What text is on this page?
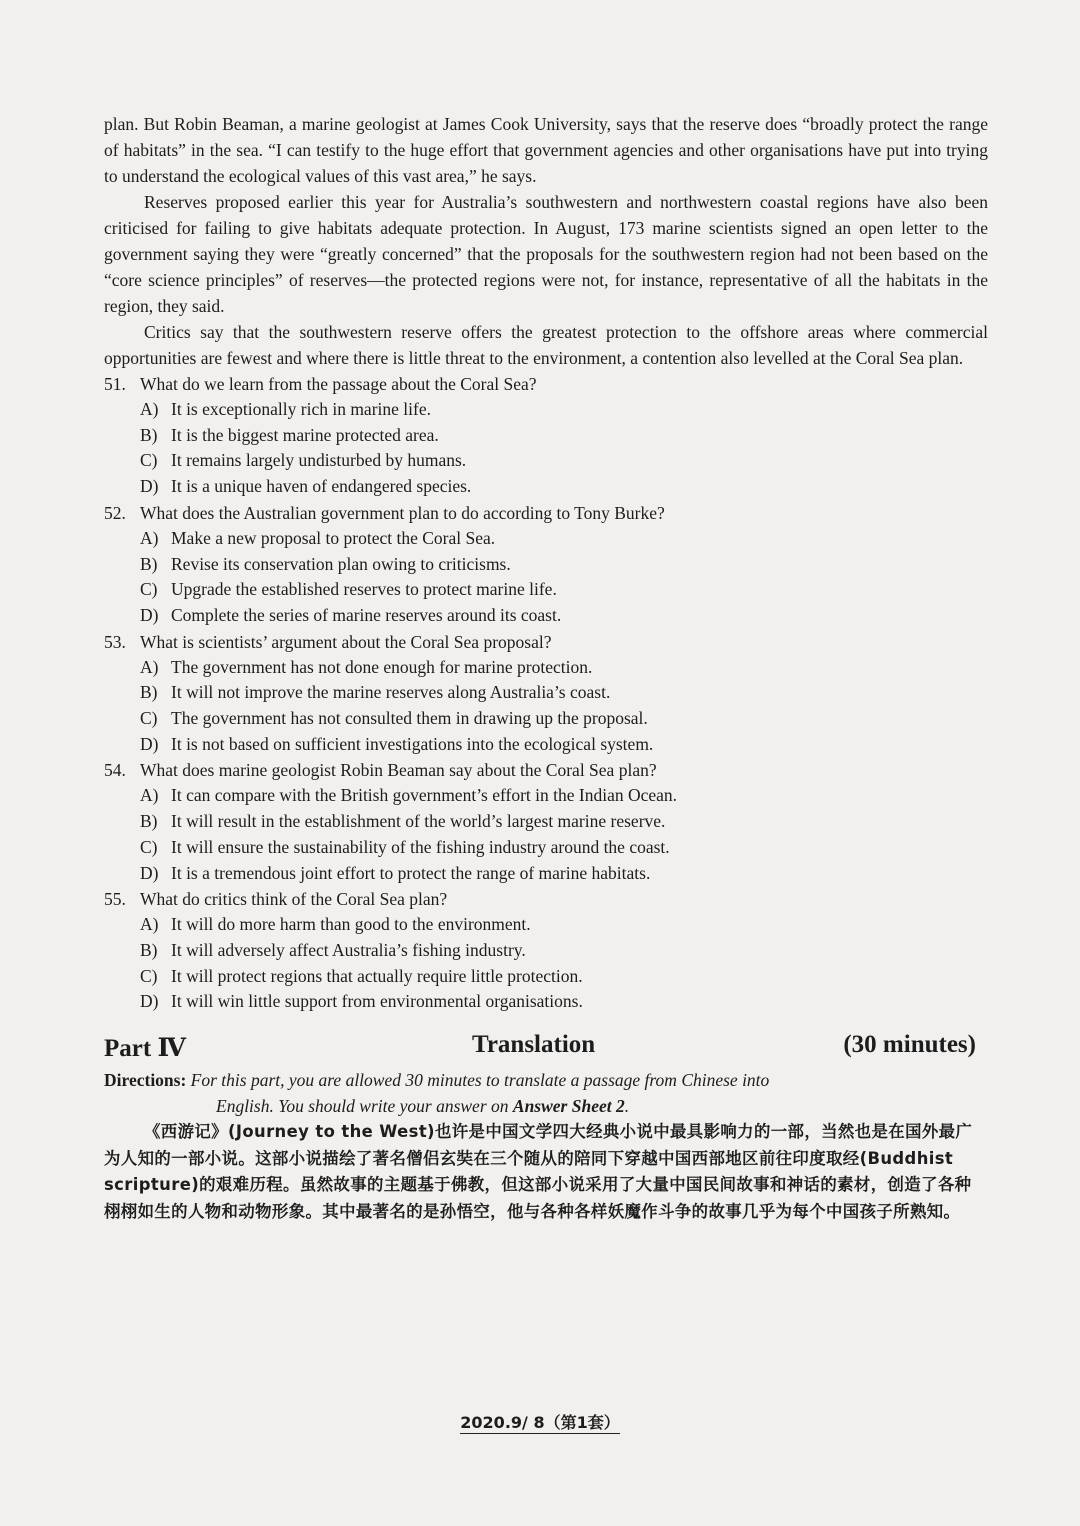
plan. But Robin Beaman, a marine geologist at James Cook University, says that the reserve does “broadly protect the range of habitats” in the sea. “I can testify to the huge effort that government agencies and other organisations have put into trying to understand the ecological values of this vast area,” he says.

Reserves proposed earlier this year for Australia’s southwestern and northwestern coastal regions have also been criticised for failing to give habitats adequate protection. In August, 173 marine scientists signed an open letter to the government saying they were “greatly concerned” that the proposals for the southwestern region had not been based on the “core science principles” of reserves—the protected regions were not, for instance, representative of all the habitats in the region, they said.

Critics say that the southwestern reserve offers the greatest protection to the offshore areas where commercial opportunities are fewest and where there is little threat to the environment, a contention also levelled at the Coral Sea plan.

51. What do we learn from the passage about the Coral Sea?
A) It is exceptionally rich in marine life.
B) It is the biggest marine protected area.
C) It remains largely undisturbed by humans.
D) It is a unique haven of endangered species.
52. What does the Australian government plan to do according to Tony Burke?
A) Make a new proposal to protect the Coral Sea.
B) Revise its conservation plan owing to criticisms.
C) Upgrade the established reserves to protect marine life.
D) Complete the series of marine reserves around its coast.
53. What is scientists’ argument about the Coral Sea proposal?
A) The government has not done enough for marine protection.
B) It will not improve the marine reserves along Australia’s coast.
C) The government has not consulted them in drawing up the proposal.
D) It is not based on sufficient investigations into the ecological system.
54. What does marine geologist Robin Beaman say about the Coral Sea plan?
A) It can compare with the British government’s effort in the Indian Ocean.
B) It will result in the establishment of the world’s largest marine reserve.
C) It will ensure the sustainability of the fishing industry around the coast.
D) It is a tremendous joint effort to protect the range of marine habitats.
55. What do critics think of the Coral Sea plan?
A) It will do more harm than good to the environment.
B) It will adversely affect Australia’s fishing industry.
C) It will protect regions that actually require little protection.
D) It will win little support from environmental organisations.
Part Ⅳ	Translation	(30 minutes)
Directions: For this part, you are allowed 30 minutes to translate a passage from Chinese into
English. You should write your answer on Answer Sheet 2.

《西游记》(Journey to the West)也许是中国文学四大经典小说中最具影响力的一部，当然也是在国外最广为人知的一部小说。这部小说描绘了著名僧侣玄奘在三个随从的陪同下穿越中国西部地区前往印度取经(Buddhist scripture)的艰难历程。虽然故事的主题基于佛教，但这部小说采用了大量中国民间故事和神话的素材，创造了各种栩栩如生的人物和动物形象。其中最著名的是孙悟空，他与各种各样妖魔作斗争的故事几乎为每个中国孩子所熟知。

2020.9/ 8（第1套）
